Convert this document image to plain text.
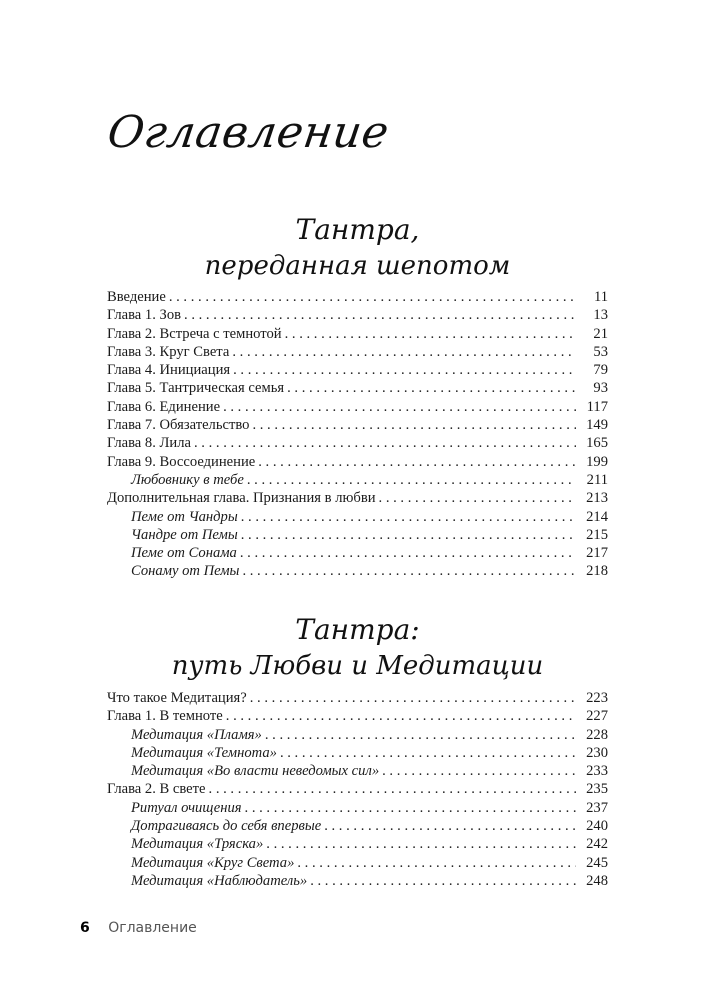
Оглавление
Тантра,
переданная шепотом
Введение . . .	11
Глава 1. Зов . . .	13
Глава 2. Встреча с темнотой . . .	21
Глава 3. Круг Света . . .	53
Глава 4. Инициация . . .	79
Глава 5. Тантрическая семья . . .	93
Глава 6. Единение . . .	117
Глава 7. Обязательство . . .	149
Глава 8. Лила . . .	165
Глава 9. Воссоединение . . .	199
Любовнику в тебе . . .	211
Дополнительная глава. Признания в любви . . .	213
Пеме от Чандры . . .	214
Чандре от Пемы . . .	215
Пеме от Сонама . . .	217
Сонаму от Пемы . . .	218
Тантра:
путь Любви и Медитации
Что такое Медитация? . . .	223
Глава 1. В темноте . . .	227
Медитация «Пламя» . . .	228
Медитация «Темнота» . . .	230
Медитация «Во власти неведомых сил» . . .	233
Глава 2. В свете . . .	235
Ритуал очищения . . .	237
Дотрагиваясь до себя впервые . . .	240
Медитация «Тряска» . . .	242
Медитация «Круг Света» . . .	245
Медитация «Наблюдатель» . . .	248
6 Оглавление
